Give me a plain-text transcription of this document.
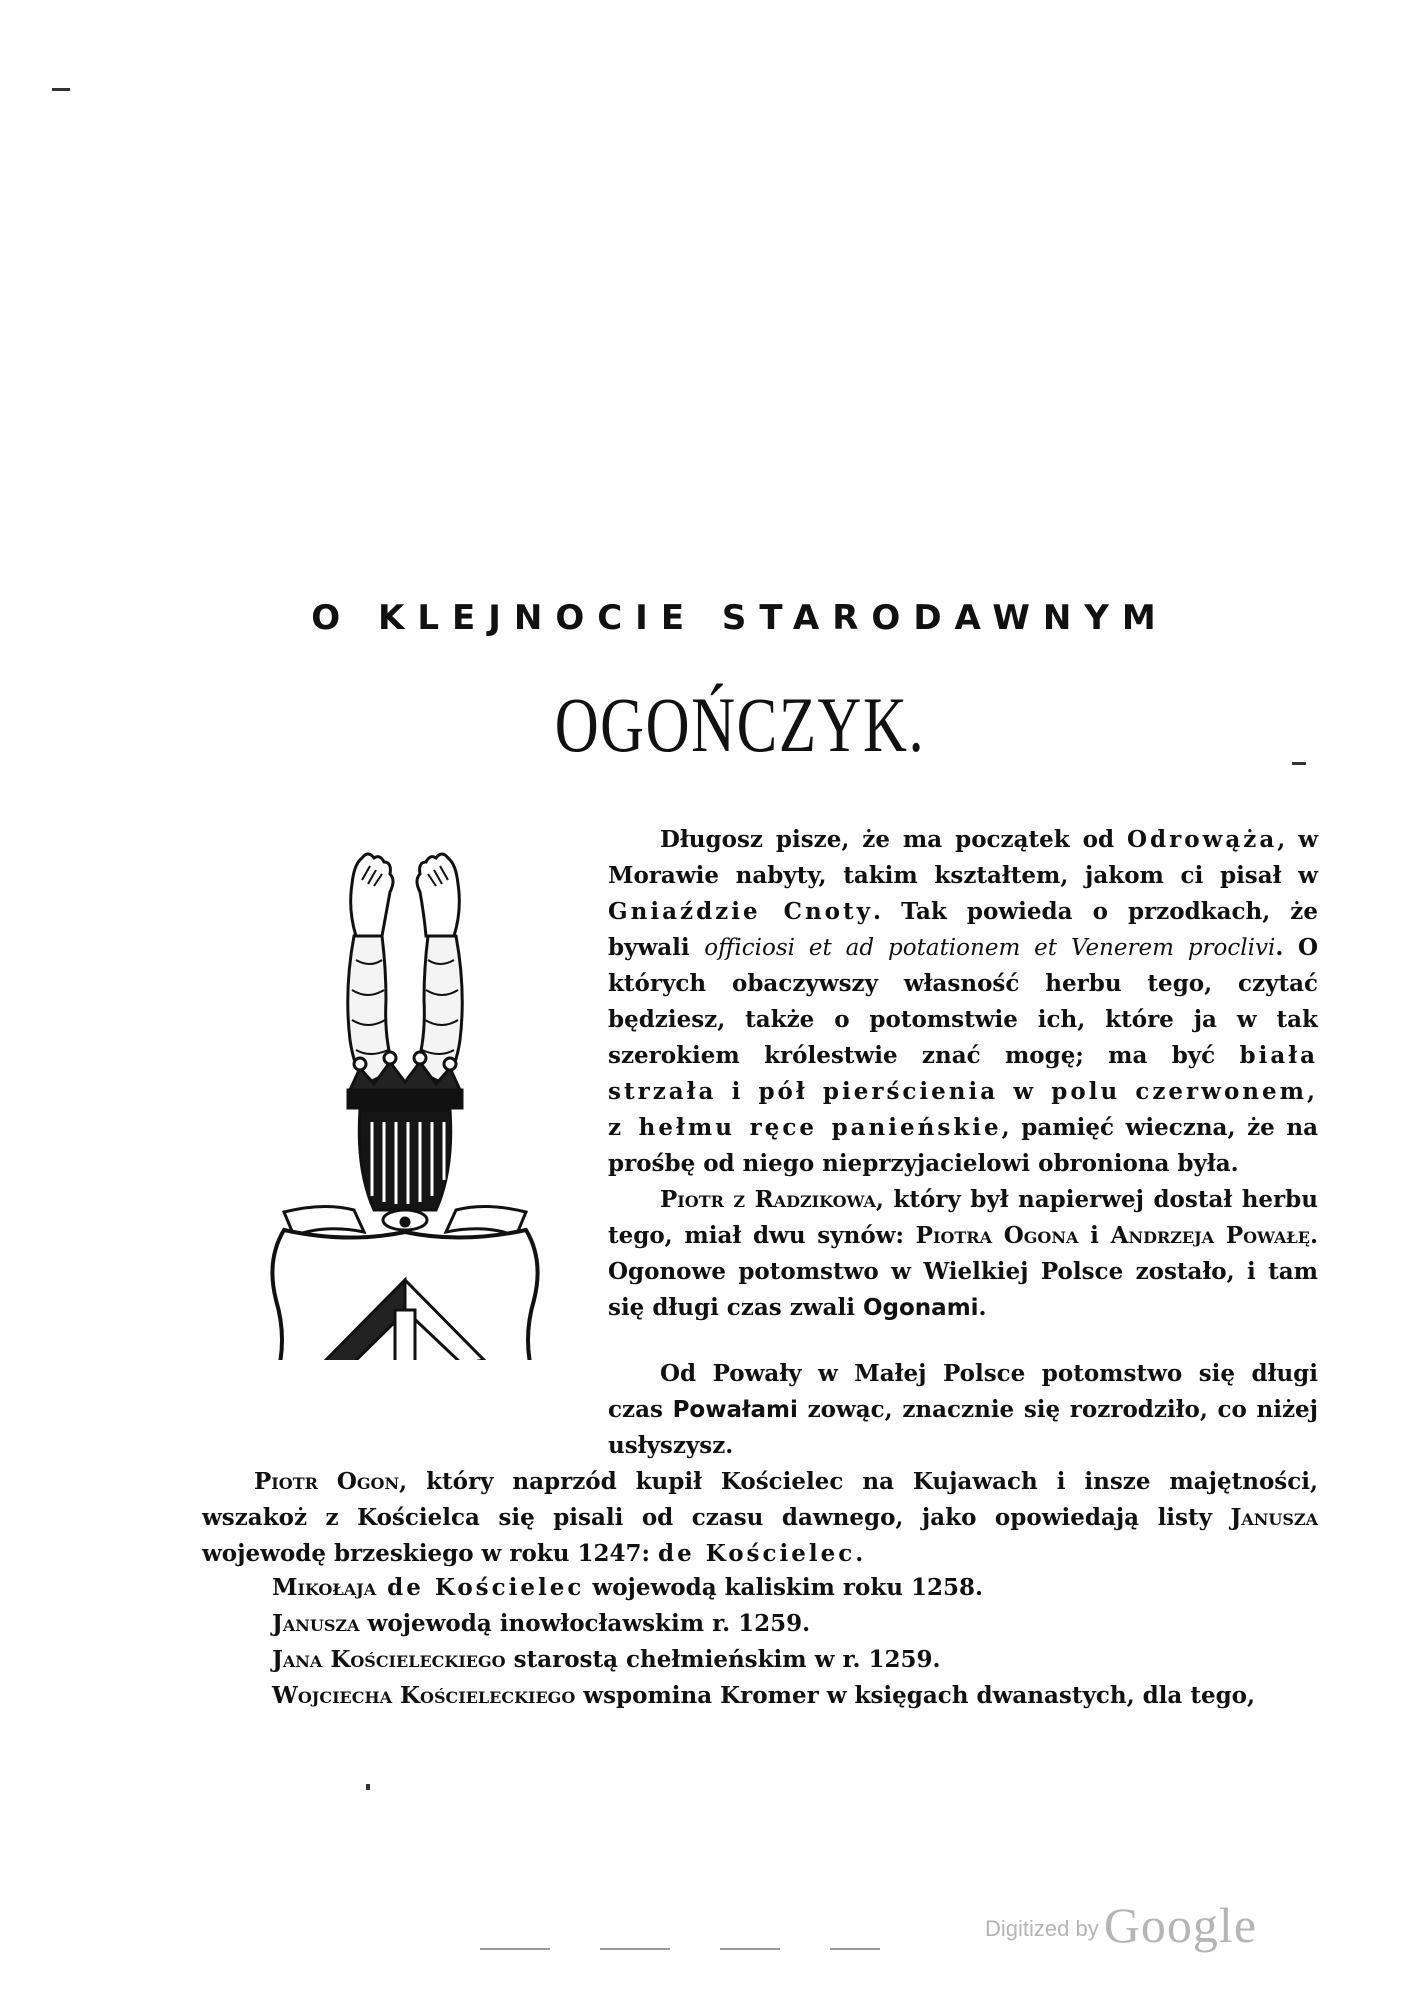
O KLEJNOCIE STARODAWNYM
OGOŃCZYK.
Długosz pisze, że ma początek od Odrowąża, w Morawie nabyty, takim kształtem, jakom ci pisał w Gniaździe Cnoty. Tak powieda o przodkach, że bywali officiosi et ad potationem et Venerem proclivi. O których obaczywszy własność herbu tego, czytać będziesz, także o potomstwie ich, które ja w tak szerokiem królestwie znać mogę; ma być biała strzała i pół pierścienia w polu czerwonem, z hełmu ręce panieńskie, pamięć wieczna, że na prośbę od niego nieprzyjacielowi obroniona była.
Piotr z Radzikowa, który był napierwej dostał herbu tego, miał dwu synów: Piotra Ogona i Andrzeja Powałę. Ogonowe potomstwo w Wielkiej Polsce zostało, i tam się długi czas zwali Ogonami.
Od Powały w Małej Polsce potomstwo się długi czas Powałami zowąc, znacznie się rozrodziło, co niżej usłyszysz.
Piotr Ogon, który naprzód kupił Kościelec na Kujawach i insze majętności, wszakoż z Kościelca się pisali od czasu dawnego, jako opowiedają listy Janusza wojewodę brzeskiego w roku 1247: de Kościelec.
Mikołaja de Kościelec wojewodą kaliskim roku 1258.
Janusza wojewodą inowłocławskim r. 1259.
Jana Kościeleckiego starostą chełmieńskim w r. 1259.
Wojciecha Kościeleckiego wspomina Kromer w księgach dwanastych, dla tego,
Digitized by Google
